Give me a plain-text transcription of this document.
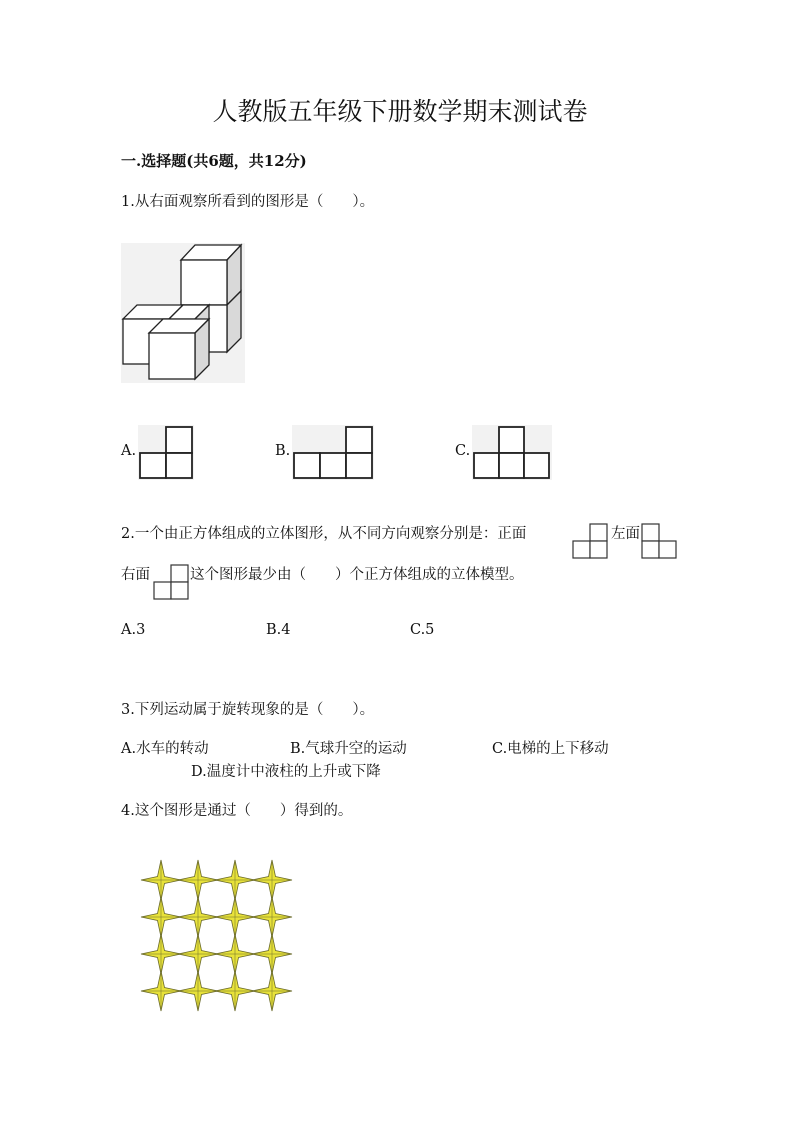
人教版五年级下册数学期末测试卷
一.选择题(共6题，共12分)
1.从右面观察所看到的图形是（　　）。
A.	B.	C.
2.一个由正方体组成的立体图形，从不同方向观察分别是：正面	左面
右面	这个图形最少由（　　）个正方体组成的立体模型。
A.3	B.4	C.5
3.下列运动属于旋转现象的是（　　）。
A.水车的转动	B.气球升空的运动	C.电梯的上下移动
D.温度计中液柱的上升或下降
4.这个图形是通过（　　）得到的。
